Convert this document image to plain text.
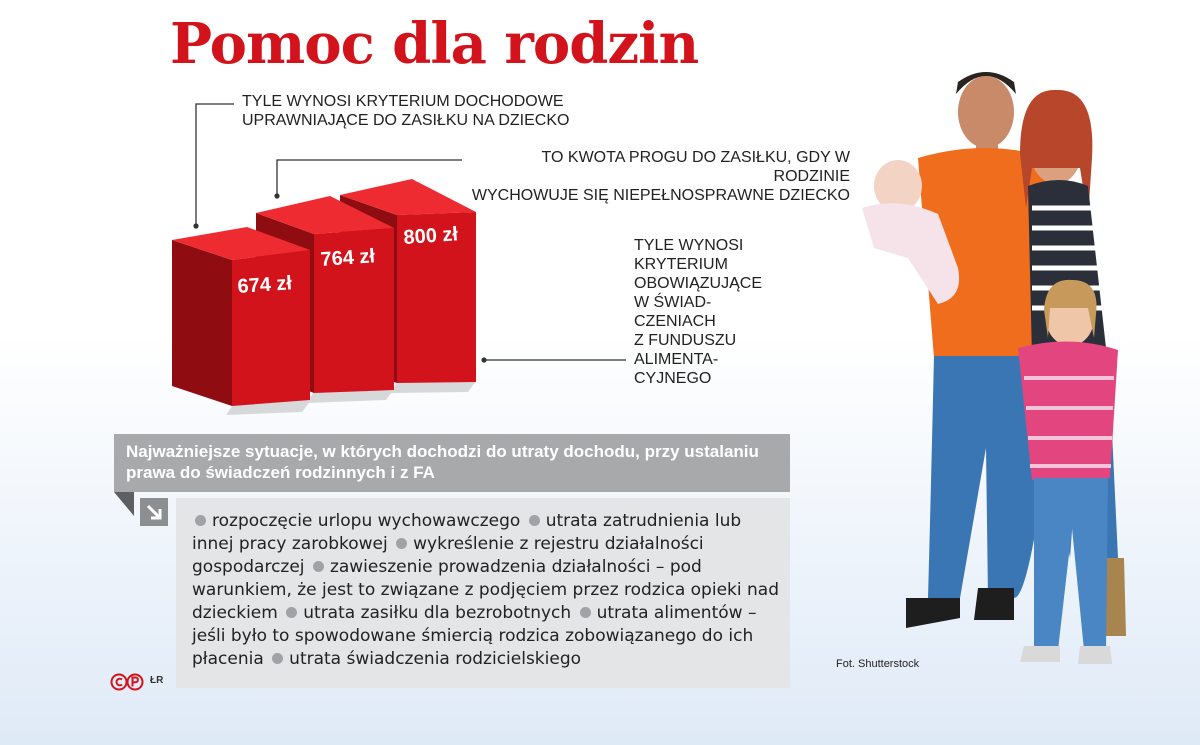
Pomoc dla rodzin
800 zł
764 zł
674 zł

TYLE WYNOSI KRYTERIUM DOCHODOWE
UPRAWNIAJĄCE DO ZASIŁKU NA DZIECKO

TO KWOTA PROGU DO ZASIŁKU, GDY W RODZINIE
WYCHOWUJE SIĘ NIEPEŁNOSPRAWNE DZIECKO

TYLE WYNOSI
KRYTERIUM
OBOWIĄZUJĄCE
W ŚWIAD-
CZENIACH
Z FUNDUSZU
ALIMENTA-
CYJNEGO

Najważniejsze sytuacje, w których dochodzi do utraty dochodu, przy ustalaniu prawa do świadczeń rodzinnych i z FA

rozpoczęcie urlopu wychowawczego utrata zatrudnienia lub innej pracy zarobkowej wykreślenie z rejestru działalności gospodarczej zawieszenie prowadzenia działalności – pod warunkiem, że jest to związane z podjęciem przez rodzica opieki nad dzieckiem utrata zasiłku dla bezrobotnych utrata alimentów – jeśli było to spowodowane śmiercią rodzica zobowiązanego do ich płacenia utrata świadczenia rodzicielskiego

ŁR
Fot. Shutterstock
